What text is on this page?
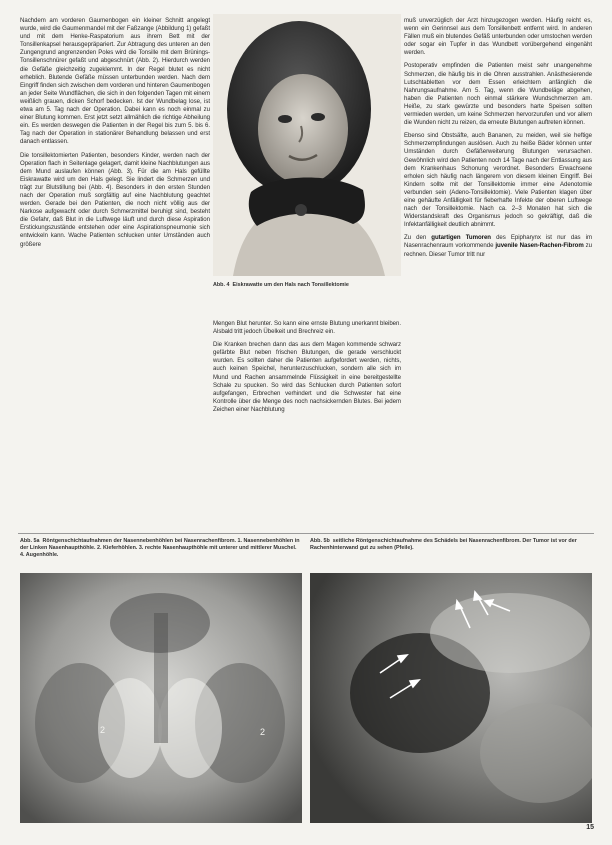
Nachdem am vorderen Gaumenbogen ein kleiner Schnitt angelegt wurde, wird die Gaumenmandel mit der Faßzange (Abbildung 1) gefaßt und mit dem Henke-Raspatorium aus ihrem Bett mit der Tonsillenkapsel herausgepräpariert. Zur Abtragung des unteren an den Zungengrund angrenzenden Poles wird die Tonsille mit dem Brünings-Tonsillenschnürer gefaßt und abgeschnürt (Abb. 2). Hierdurch werden die Gefäße gleichzeitig zugeklemmt. In der Regel blutet es nicht erheblich. Blutende Gefäße müssen unterbunden werden. Nach dem Eingriff finden sich zwischen dem vorderen und hinteren Gaumenbogen an jeder Seite Wundflächen, die sich in den folgenden Tagen mit einem weißlich grauen, dicken Schorf bedecken. Ist der Wundbelag lose, ist etwa am 5. Tag nach der Operation. Dabei kann es noch einmal zu einer Blutung kommen. Erst jetzt setzt allmählich die richtige Abheilung ein. Es werden deswegen die Patienten in der Regel bis zum 5. bis 6. Tag nach der Operation in stationärer Behandlung belassen und erst danach entlassen.

Die tonsillektomierten Patienten, besonders Kinder, werden nach der Operation flach in Seitenlage gelagert, damit kleine Nachblutungen aus dem Mund auslaufen können (Abb. 3). Für die am Hals gefüllte Eiskrawatte wird um den Hals gelegt. Sie lindert die Schmerzen und trägt zur Blutstillung bei (Abb. 4). Besonders in den ersten Stunden nach der Operation muß sorgfältig auf eine Nachblutung geachtet werden. Gerade bei den Patienten, die noch nicht völlig aus der Narkose aufgewacht oder durch Schmerzmittel beruhigt sind, besteht die Gefahr, daß Blut in die Luftwege läuft und durch diese Aspiration Erstickungszustände entstehen oder eine Aspirationspneumonie sich entwickeln kann. Wache Patienten schlucken unter Umständen auch größere

Abb. 4 Eiskrawatte um den Hals nach Tonsillektomie

Mengen Blut herunter. So kann eine ernste Blutung unerkannt bleiben. Alsbald tritt jedoch Übelkeit und Brechreiz ein.

Die Kranken brechen dann das aus dem Magen kommende schwarz gefärbte Blut neben frischen Blutungen, die gerade verschluckt wurden. Es sollten daher die Patienten aufgefordert werden, nichts, auch keinen Speichel, herunterzuschlucken, sondern alle sich im Mund und Rachen ansammelnde Flüssigkeit in eine bereitgestellte Schale zu spucken. So wird das Schlucken durch Patienten sofort aufgefangen, Erbrechen verhindert und die Schwester hat eine Kontrolle über die Menge des noch nachsickernden Blutes. Bei jedem Zeichen einer Nachblutung

muß unverzüglich der Arzt hinzugezogen werden. Häufig reicht es, wenn ein Gerinnsel aus dem Tonsillenbett entfernt wird. In anderen Fällen muß ein blutendes Gefäß unterbunden oder umstochen werden oder sogar ein Tupfer in das Wundbett vorübergehend eingenäht werden.

Postoperativ empfinden die Patienten meist sehr unangenehme Schmerzen, die häufig bis in die Ohren ausstrahlen. Anästhesierende Lutschtabletten vor dem Essen erleichtern anfänglich die Nahrungsaufnahme. Am 5. Tag, wenn die Wundbeläge abgehen, haben die Patienten noch einmal stärkere Wundschmerzen am. Heiße, zu stark gewürzte und besonders harte Speisen sollten vermieden werden, um keine Schmerzen hervorzurufen und vor allem die Wunden nicht zu reizen, da erneute Blutungen auftreten können.

Ebenso sind Obstsäfte, auch Bananen, zu meiden, weil sie heftige Schmerzempfindungen auslösen. Auch zu heiße Bäder können unter Umständen durch Gefäßerweiterung Blutungen verursachen. Gewöhnlich wird den Patienten noch 14 Tage nach der Entlassung aus dem Krankenhaus Schonung verordnet. Besonders Erwachsene erholen sich häufig nach längerem von diesem kleinen Eingriff. Bei Kindern sollte mit der Tonsillektomie immer eine Adenotomie verbunden sein (Adeno-Tonsillektomie). Viele Patienten klagen über eine gehäufte Anfälligkeit für fieberhafte Infekte der oberen Luftwege nach der Tonsillektomie. Nach ca. 2–3 Monaten hat sich die Widerstandskraft des Organismus jedoch so gekräftigt, daß die Infektanfälligkeit deutlich abnimmt.

Zu den gutartigen Tumoren des Epipharynx ist nur das im Nasenrachenraum vorkommende juvenile Nasen-Rachen-Fibrom zu rechnen. Dieser Tumor tritt nur

Abb. 5a Röntgenschichtaufnahmen der Nasennebenhöhlen bei Nasenrachenfibrom. 1. Nasennebenhöhlen in der Linken Nasenhaupthöhle. 2. Kieferhöhlen. 3. rechte Nasenhaupthöhle mit unterer und mittlerer Muschel. 4. Augenhöhle.
Abb. 5b seitliche Röntgenschichtaufnahme des Schädels bei Nasenrachenfibrom. Der Tumor ist vor der Rachenhinterwand gut zu sehen (Pfeile).
2	2
15
